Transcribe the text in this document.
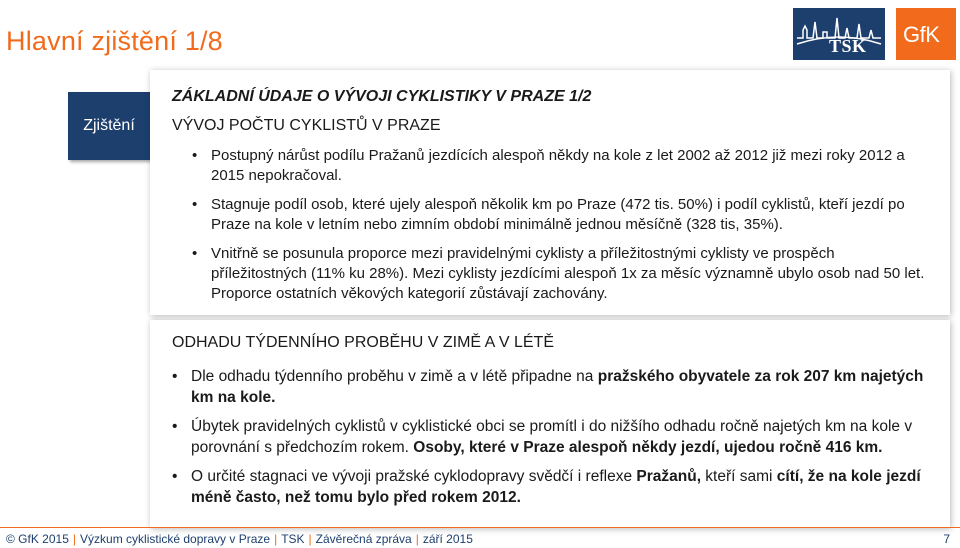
Hlavní zjištění 1/8	TSK GfK
Zjištění
ZÁKLADNÍ ÚDAJE O VÝVOJI CYKLISTIKY V PRAZE 1/2
VÝVOJ POČTU CYKLISTŮ V PRAZE
• Postupný nárůst podílu Pražanů jezdících alespoň někdy na kole z let 2002 až 2012 již mezi roky 2012 a 2015 nepokračoval.
• Stagnuje podíl osob, které ujely alespoň několik km po Praze (472 tis. 50%) i podíl cyklistů, kteří jezdí po Praze na kole v letním nebo zimním období minimálně jednou měsíčně (328 tis, 35%).
• Vnitřně se posunula proporce mezi pravidelnými cyklisty a příležitostnými cyklisty ve prospěch příležitostných (11% ku 28%). Mezi cyklisty jezdícími alespoň 1x za měsíc významně ubylo osob nad 50 let. Proporce ostatních věkových kategorií zůstávají zachovány.
ODHADU TÝDENNÍHO PROBĚHU V ZIMĚ A V LÉTĚ
• Dle odhadu týdenního proběhu v zimě a v létě připadne na pražského obyvatele za rok 207 km najetých km na kole.
• Úbytek pravidelných cyklistů v cyklistické obci se promítl i do nižšího odhadu ročně najetých km na kole v porovnání s předchozím rokem. Osoby, které v Praze alespoň někdy jezdí, ujedou ročně 416 km.
• O určité stagnaci ve vývoji pražské cyklodopravy svědčí i reflexe Pražanů, kteří sami cítí, že na kole jezdí méně často, než tomu bylo před rokem 2012.
© GfK 2015 | Výzkum cyklistické dopravy v Praze | TSK | Závěrečná zpráva | září 2015	7
